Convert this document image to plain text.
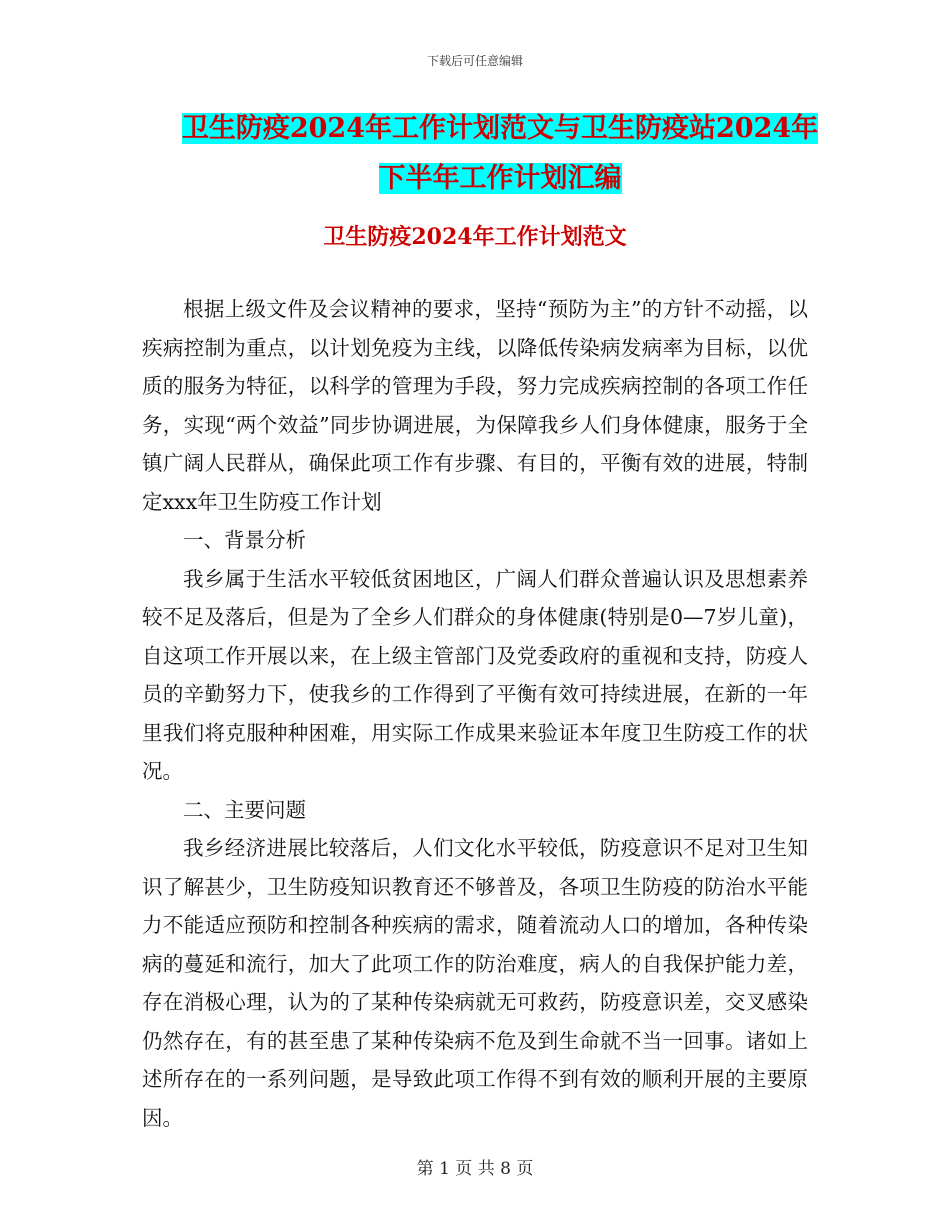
下载后可任意编辑
卫生防疫2024年工作计划范文与卫生防疫站2024年
下半年工作计划汇编
卫生防疫2024年工作计划范文

根据上级文件及会议精神的要求，坚持“预防为主”的方针不动摇，以疾病控制为重点，以计划免疫为主线，以降低传染病发病率为目标，以优质的服务为特征，以科学的管理为手段，努力完成疾病控制的各项工作任务，实现“两个效益”同步协调进展，为保障我乡人们身体健康，服务于全镇广阔人民群从，确保此项工作有步骤、有目的，平衡有效的进展，特制定xxx年卫生防疫工作计划

一、背景分析

我乡属于生活水平较低贫困地区，广阔人们群众普遍认识及思想素养较不足及落后，但是为了全乡人们群众的身体健康(特别是0—7岁儿童)，自这项工作开展以来，在上级主管部门及党委政府的重视和支持，防疫人员的辛勤努力下，使我乡的工作得到了平衡有效可持续进展，在新的一年里我们将克服种种困难，用实际工作成果来验证本年度卫生防疫工作的状况。

二、主要问题

我乡经济进展比较落后，人们文化水平较低，防疫意识不足对卫生知识了解甚少，卫生防疫知识教育还不够普及，各项卫生防疫的防治水平能力不能适应预防和控制各种疾病的需求，随着流动人口的增加，各种传染病的蔓延和流行，加大了此项工作的防治难度，病人的自我保护能力差，存在消极心理，认为的了某种传染病就无可救药，防疫意识差，交叉感染仍然存在，有的甚至患了某种传染病不危及到生命就不当一回事。诸如上述所存在的一系列问题，是导致此项工作得不到有效的顺利开展的主要原因。

第 1 页 共 8 页
